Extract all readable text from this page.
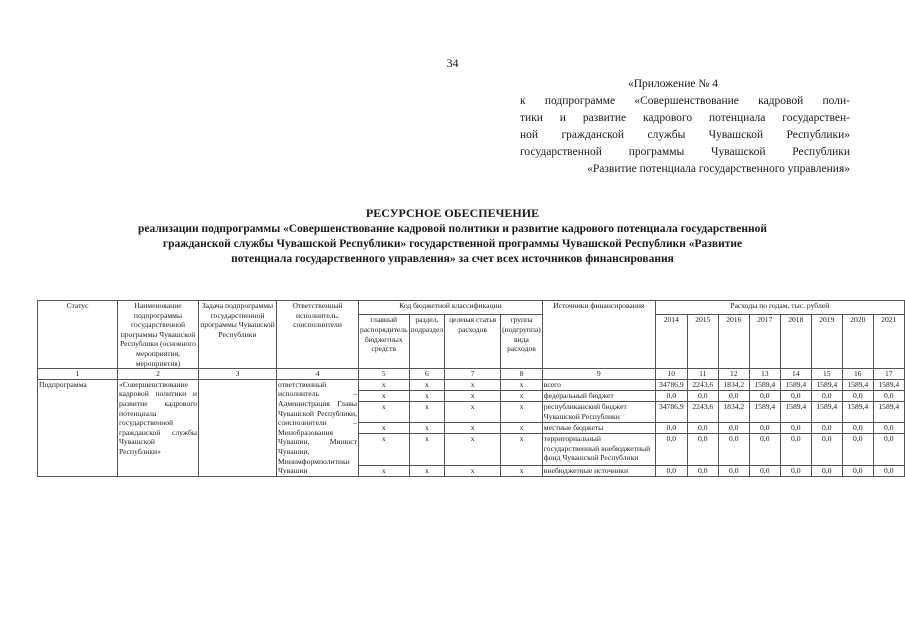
34
«Приложение № 4
к подпрограмме «Совершенствование кадровой поли-
тики и развитие кадрового потенциала государствен-
ной гражданской службы Чувашской Республики»
государственной программы Чувашской Республики
«Развитие потенциала государственного управления»
РЕСУРСНОЕ ОБЕСПЕЧЕНИЕ
реализации подпрограммы «Совершенствование кадровой политики и развитие кадрового потенциала государственной
гражданской службы Чувашской Республики» государственной программы Чувашской Республики «Развитие
потенциала государственного управления» за счет всех источников финансирования
Статус	Наименование подпрограммы государственной программы Чувашской Республики (основного мероприятия, мероприятия)	Задача подпрограммы государственной программы Чувашской Республики	Ответственный исполнитель, соисполнители	Код бюджетной классификации				Источники финансирования	Расходы по годам, тыс. рублей							
				главный распорядитель бюджетных средств	раздел, подраздел	целевая статья расходов	группа (подгруппа) вида расходов		2014	2015	2016	2017	2018	2019	2020	2021
1	2	3	4	5	6	7	8	9	10	11	12	13	14	15	16	17
Подпрограмма	«Совершенствование кадровой политики и развитие кадрового потенциала государственной гражданской службы Чувашской Республики»		ответственный исполнитель – Администрация Главы Чувашской Республики, соисполнители – Минобразования Чувашии, Минюст Чувашии, Минимформполитики Чувашии	x	x	x	x	всего	34786,9	2243,6	1834,2	1589,4	1589,4	1589,4	1589,4	1589,4
				x	x	x	x	федеральный бюджет	0,0	0,0	0,0	0,0	0,0	0,0	0,0	0,0
				x	x	x	x	республиканский бюджет Чувашской Республики	34786,9	2243,6	1834,2	1589,4	1589,4	1589,4	1589,4	1589,4
				x	x	x	x	местные бюджеты	0,0	0,0	0,0	0,0	0,0	0,0	0,0	0,0
				x	x	x	x	территориальный государственный внебюджетный фонд Чувашской Республики	0,0	0,0	0,0	0,0	0,0	0,0	0,0	0,0
				x	x	x	x	внебюджетные источники	0,0	0,0	0,0	0,0	0,0	0,0	0,0	0,0
